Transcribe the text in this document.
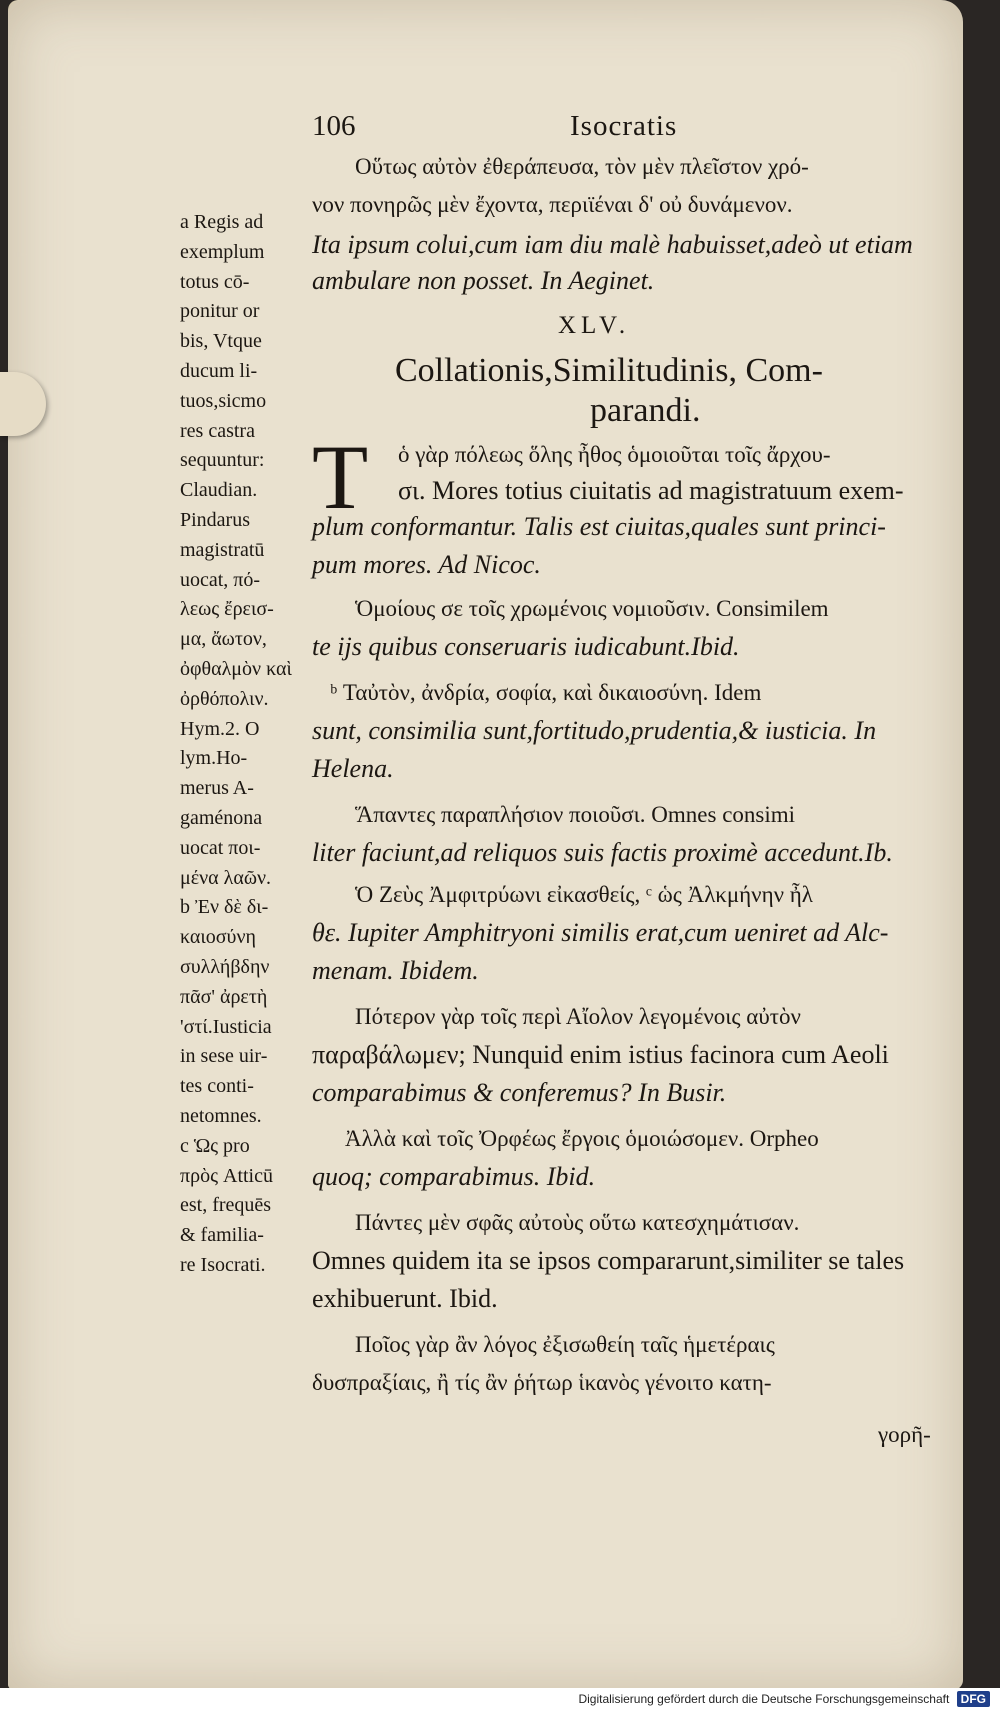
106	Isocratis
a Regis ad
exemplum
totus cō-
ponitur or
bis, Vtque
ducum li-
tuos,sicmo
res castra
sequuntur:
Claudian.
Pindarus
magistratū
uocat, πό-
λεως ἔρεισ-
μα, ἄωτον,
ὀφθαλμὸν καὶ
ὀρθόπολιν.
Hym.2. O
lym.Ho-
merus A-
gaménona
uocat ποι-
μένα λαῶν.
b Ἐν δὲ δι-
καιοσύνη
συλλήβδην
πᾶσ' ἀρετὴ
'στί.Iusticia
in sese uir-
tes conti-
netomnes.
c Ὡς pro
πρὸς Atticū
est, frequēs
& familia-
re Isocrati.
XLV.
Collationis,Similitudinis, Com-
parandi.
T
Οὕτως αὐτὸν ἐθεράπευσα, τὸν μὲν πλεῖστον χρό-
νον πονηρῶς μὲν ἔχοντα, περιϊέναι δ' οὐ δυνάμενον.
Ita ipsum colui,cum iam diu malè habuisset,adeò ut etiam
ambulare non posset. In Aeginet.
ὁ γὰρ πόλεως ὅλης ἦθος ὁμοιοῦται τοῖς ἄρχου-
σι. Mores totius ciuitatis ad magistratuum exem-
plum conformantur. Talis est ciuitas,quales sunt princi-
pum mores. Ad Nicoc.
Ὁμοίους σε τοῖς χρωμένοις νομιοῦσιν. Consimilem
te ijs quibus conseruaris iudicabunt.Ibid.
ᵇ Ταὐτὸν, ἀνδρία, σοφία, καὶ δικαιοσύνη. Idem
sunt, consimilia sunt,fortitudo,prudentia,& iusticia. In
Helena.
Ἅπαντες παραπλήσιον ποιοῦσι. Omnes consimi
liter faciunt,ad reliquos suis factis proximè accedunt.Ib.
Ὁ Ζεὺς Ἀμφιτρύωνι εἰκασθείς, ᶜ ὡς Ἀλκμήνην ἦλ
θε. Iupiter Amphitryoni similis erat,cum ueniret ad Alc-
menam. Ibidem.
Πότερον γὰρ τοῖς περὶ Αἴολον λεγομένοις αὐτὸν
παραβάλωμεν; Nunquid enim istius facinora cum Aeoli
comparabimus & conferemus? In Busir.
Ἀλλὰ καὶ τοῖς Ὀρφέως ἔργοις ὁμοιώσομεν. Orpheo
quoq; comparabimus. Ibid.
Πάντες μὲν σφᾶς αὐτοὺς οὕτω κατεσχημάτισαν.
Omnes quidem ita se ipsos compararunt,similiter se tales
exhibuerunt. Ibid.
Ποῖος γὰρ ἂν λόγος ἐξισωθείη ταῖς ἡμετέραις
δυσπραξίαις, ἢ τίς ἂν ῥήτωρ ἱκανὸς γένοιτο κατη-
γορῆ-
Digitalisierung gefördert durch die Deutsche Forschungsgemeinschaft DFG
